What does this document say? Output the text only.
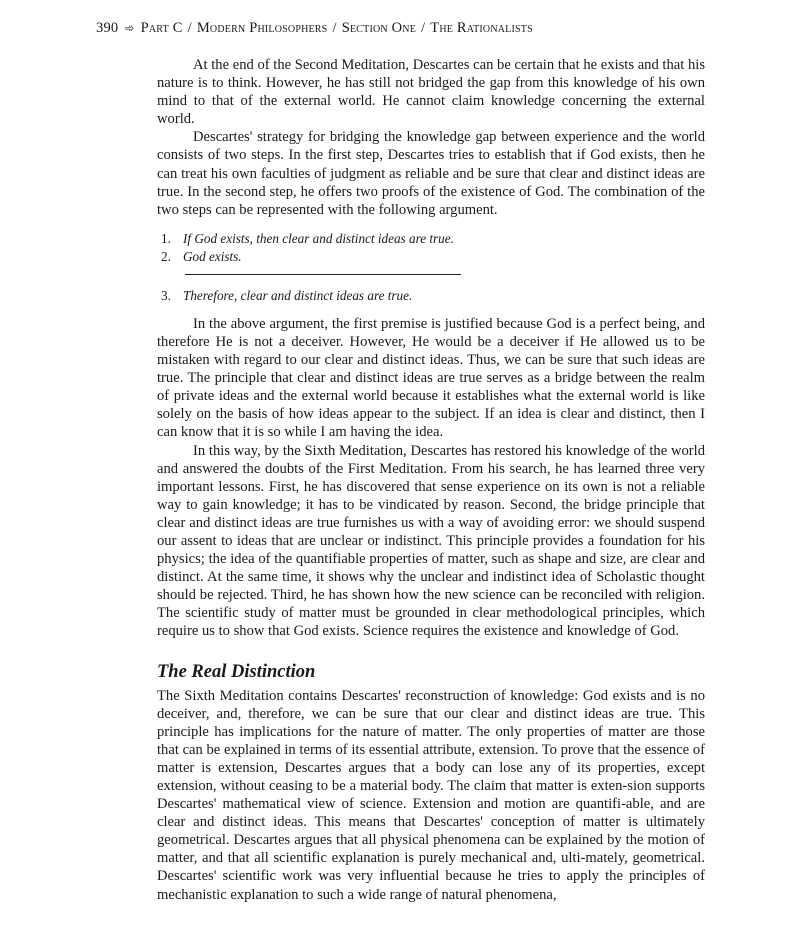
390 ➾ Part C / Modern Philosophers / Section One / The Rationalists

At the end of the Second Meditation, Descartes can be certain that he exists and that his nature is to think. However, he has still not bridged the gap from this knowledge of his own mind to that of the external world. He cannot claim knowledge concerning the external world.

Descartes' strategy for bridging the knowledge gap between experience and the world consists of two steps. In the first step, Descartes tries to establish that if God exists, then he can treat his own faculties of judgment as reliable and be sure that clear and distinct ideas are true. In the second step, he offers two proofs of the existence of God. The combination of the two steps can be represented with the following argument.

1. If God exists, then clear and distinct ideas are true.
2. God exists.
3. Therefore, clear and distinct ideas are true.

In the above argument, the first premise is justified because God is a perfect being, and therefore He is not a deceiver. However, He would be a deceiver if He allowed us to be mistaken with regard to our clear and distinct ideas. Thus, we can be sure that such ideas are true. The principle that clear and distinct ideas are true serves as a bridge between the realm of private ideas and the external world because it establishes what the external world is like solely on the basis of how ideas appear to the subject. If an idea is clear and distinct, then I can know that it is so while I am having the idea.

In this way, by the Sixth Meditation, Descartes has restored his knowledge of the world and answered the doubts of the First Meditation. From his search, he has learned three very important lessons. First, he has discovered that sense experience on its own is not a reliable way to gain knowledge; it has to be vindicated by reason. Second, the bridge principle that clear and distinct ideas are true furnishes us with a way of avoiding error: we should suspend our assent to ideas that are unclear or indistinct. This principle provides a foundation for his physics; the idea of the quantifiable properties of matter, such as shape and size, are clear and distinct. At the same time, it shows why the unclear and indistinct idea of Scholastic thought should be rejected. Third, he has shown how the new science can be reconciled with religion. The scientific study of matter must be grounded in clear methodological principles, which require us to show that God exists. Science requires the existence and knowledge of God.

The Real Distinction

The Sixth Meditation contains Descartes' reconstruction of knowledge: God exists and is no deceiver, and, therefore, we can be sure that our clear and distinct ideas are true. This principle has implications for the nature of matter. The only properties of matter are those that can be explained in terms of its essential attribute, extension. To prove that the essence of matter is extension, Descartes argues that a body can lose any of its properties, except extension, without ceasing to be a material body. The claim that matter is exten-sion supports Descartes' mathematical view of science. Extension and motion are quantifi-able, and are clear and distinct ideas. This means that Descartes' conception of matter is ultimately geometrical. Descartes argues that all physical phenomena can be explained by the motion of matter, and that all scientific explanation is purely mechanical and, ulti-mately, geometrical. Descartes' scientific work was very influential because he tries to apply the principles of mechanistic explanation to such a wide range of natural phenomena,
